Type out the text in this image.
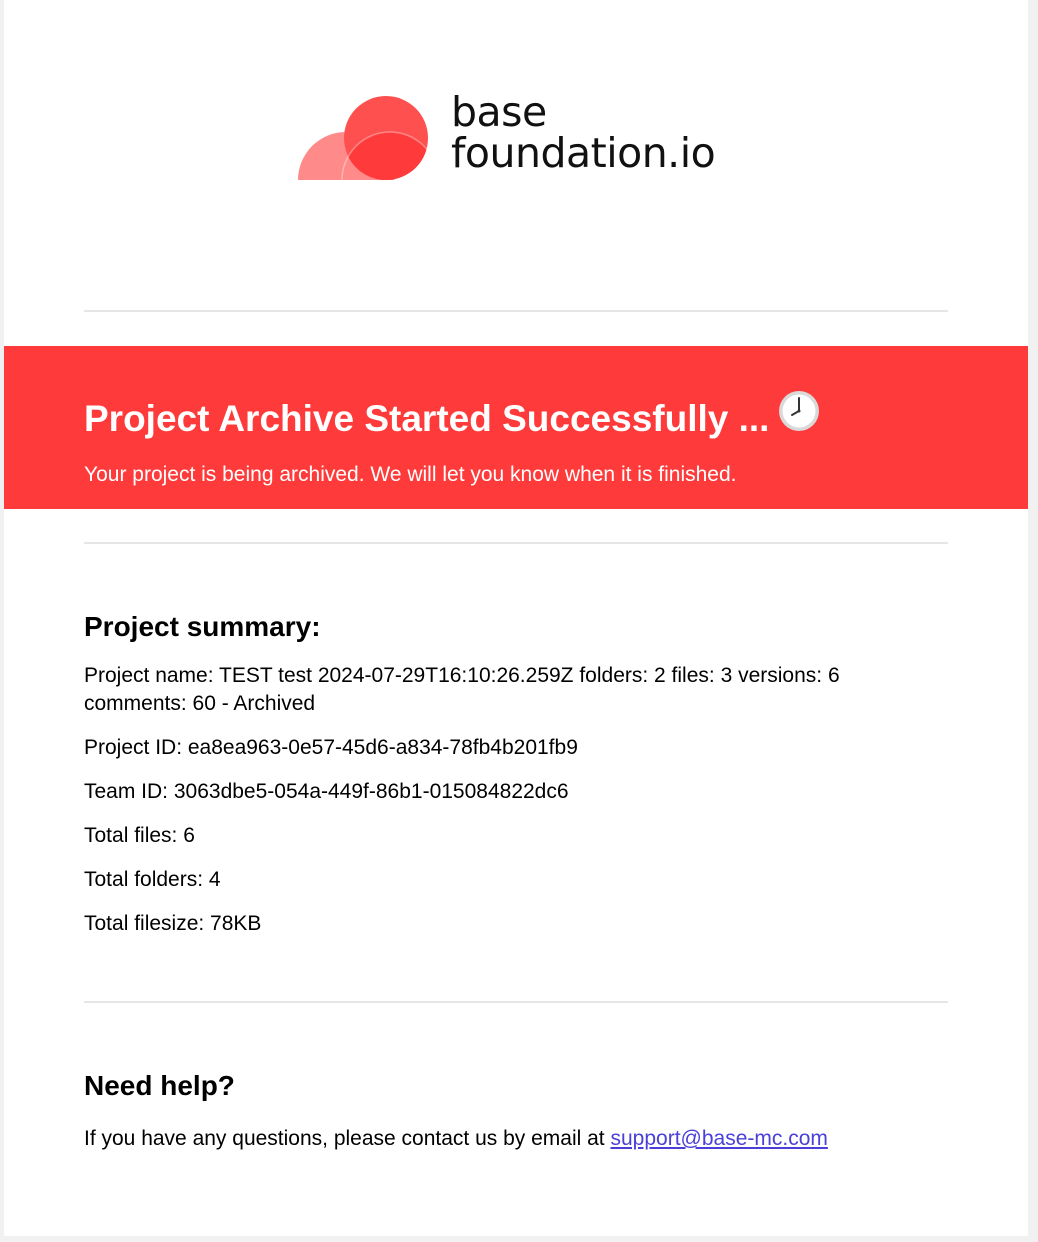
base
foundation.io
Project Archive Started Successfully ...
Your project is being archived. We will let you know when it is finished.
Project summary:
Project name: TEST test 2024-07-29T16:10:26.259Z folders: 2 files: 3 versions: 6 comments: 60 - Archived
Project ID: ea8ea963-0e57-45d6-a834-78fb4b201fb9
Team ID: 3063dbe5-054a-449f-86b1-015084822dc6
Total files: 6
Total folders: 4
Total filesize: 78KB
Need help?
If you have any questions, please contact us by email at support@base-mc.com
